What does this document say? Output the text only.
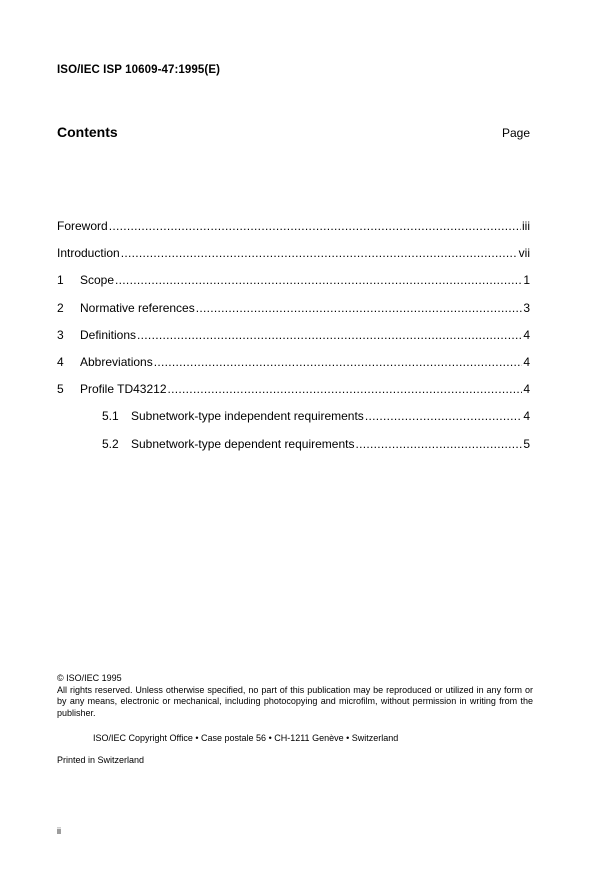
ISO/IEC ISP 10609-47:1995(E)
Contents	Page
Foreword .....	iii
Introduction .....	vii
1	Scope .....	1
2	Normative references .....	3
3	Definitions .....	4
4	Abbreviations .....	4
5	Profile TD43212 .....	4
5.1	Subnetwork-type independent requirements .....	4
5.2	Subnetwork-type dependent requirements .....	5
© ISO/IEC 1995
All rights reserved. Unless otherwise specified, no part of this publication may be reproduced or utilized in any form or by any means, electronic or mechanical, including photocopying and microfilm, without permission in writing from the publisher.
ISO/IEC Copyright Office • Case postale 56 • CH-1211 Genève • Switzerland
Printed in Switzerland
ii
